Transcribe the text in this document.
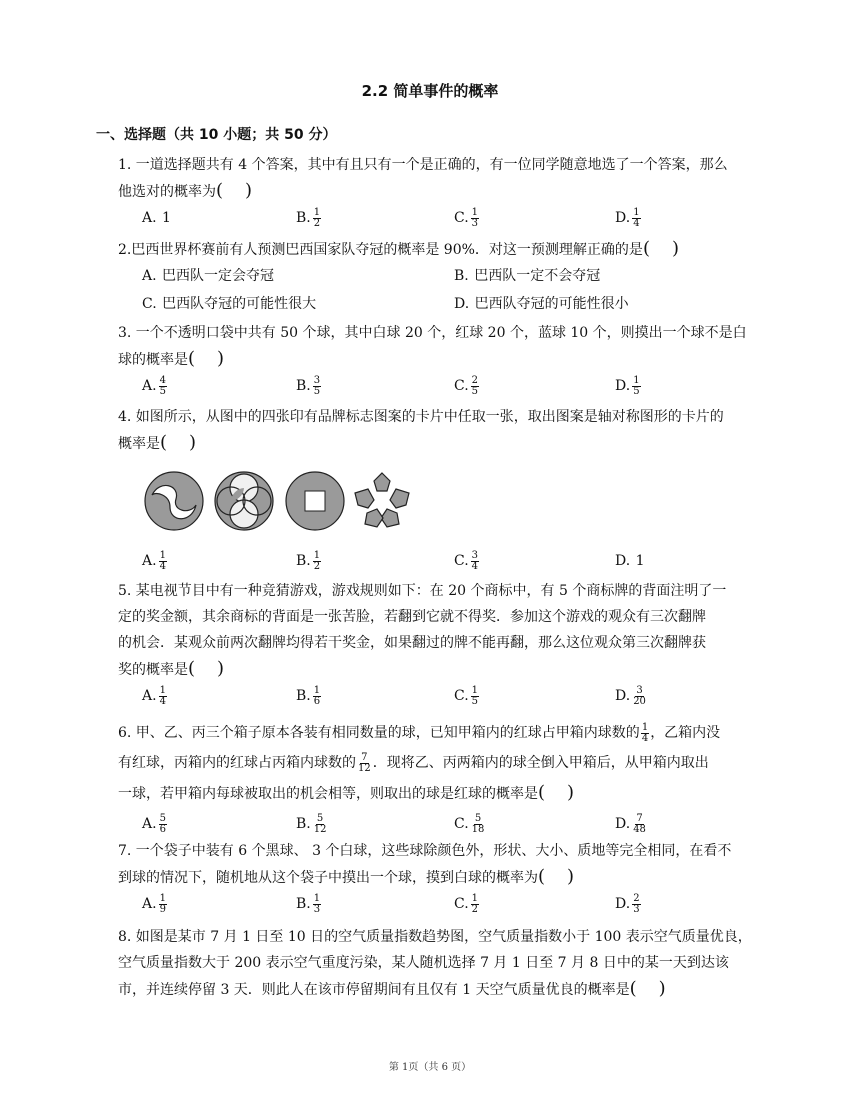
2.2 简单事件的概率
一、选择题（共 10 小题；共 50 分）
1. 一道选择题共有 4 个答案，其中有且只有一个是正确的，有一位同学随意地选了一个答案，那么
他选对的概率为( )
A. 1	B. $\frac{1}{2}$	C. $\frac{1}{3}$	D. $\frac{1}{4}$
2.巴西世界杯赛前有人预测巴西国家队夺冠的概率是 90%．对这一预测理解正确的是( )
A. 巴西队一定会夺冠	B. 巴西队一定不会夺冠
C. 巴西队夺冠的可能性很大	D. 巴西队夺冠的可能性很小
3. 一个不透明口袋中共有 50 个球，其中白球 20 个，红球 20 个，蓝球 10 个，则摸出一个球不是白
球的概率是( )
A. $\frac{4}{5}$	B. $\frac{3}{5}$	C. $\frac{2}{5}$	D. $\frac{1}{5}$
4. 如图所示，从图中的四张印有品牌标志图案的卡片中任取一张，取出图案是轴对称图形的卡片的
概率是( )
A. $\frac{1}{4}$	B. $\frac{1}{2}$	C. $\frac{3}{4}$	D. 1
5. 某电视节目中有一种竞猜游戏，游戏规则如下：在 20 个商标中，有 5 个商标牌的背面注明了一
定的奖金额，其余商标的背面是一张苦脸，若翻到它就不得奖．参加这个游戏的观众有三次翻牌
的机会．某观众前两次翻牌均得若干奖金，如果翻过的牌不能再翻，那么这位观众第三次翻牌获
奖的概率是( )
A. $\frac{1}{4}$	B. $\frac{1}{6}$	C. $\frac{1}{5}$	D. $\frac{3}{20}$
6. 甲、乙、丙三个箱子原本各装有相同数量的球，已知甲箱内的红球占甲箱内球数的 $\frac{1}{4}$ ，乙箱内没
有红球，丙箱内的红球占丙箱内球数的 $\frac{7}{12}$ ．现将乙、丙两箱内的球全倒入甲箱后，从甲箱内取出
一球，若甲箱内每球被取出的机会相等，则取出的球是红球的概率是( )
A. $\frac{5}{6}$	B. $\frac{5}{12}$	C. $\frac{5}{18}$	D. $\frac{7}{48}$
7. 一个袋子中装有 6 个黑球、 3 个白球，这些球除颜色外，形状、大小、质地等完全相同，在看不
到球的情况下，随机地从这个袋子中摸出一个球，摸到白球的概率为( )
A. $\frac{1}{9}$	B. $\frac{1}{3}$	C. $\frac{1}{2}$	D. $\frac{2}{3}$
8. 如图是某市 7 月 1 日至 10 日的空气质量指数趋势图，空气质量指数小于 100 表示空气质量优良，
空气质量指数大于 200 表示空气重度污染，某人随机选择 7 月 1 日至 7 月 8 日中的某一天到达该
市，并连续停留 3 天．则此人在该市停留期间有且仅有 1 天空气质量优良的概率是( )
第 1页（共 6 页）
